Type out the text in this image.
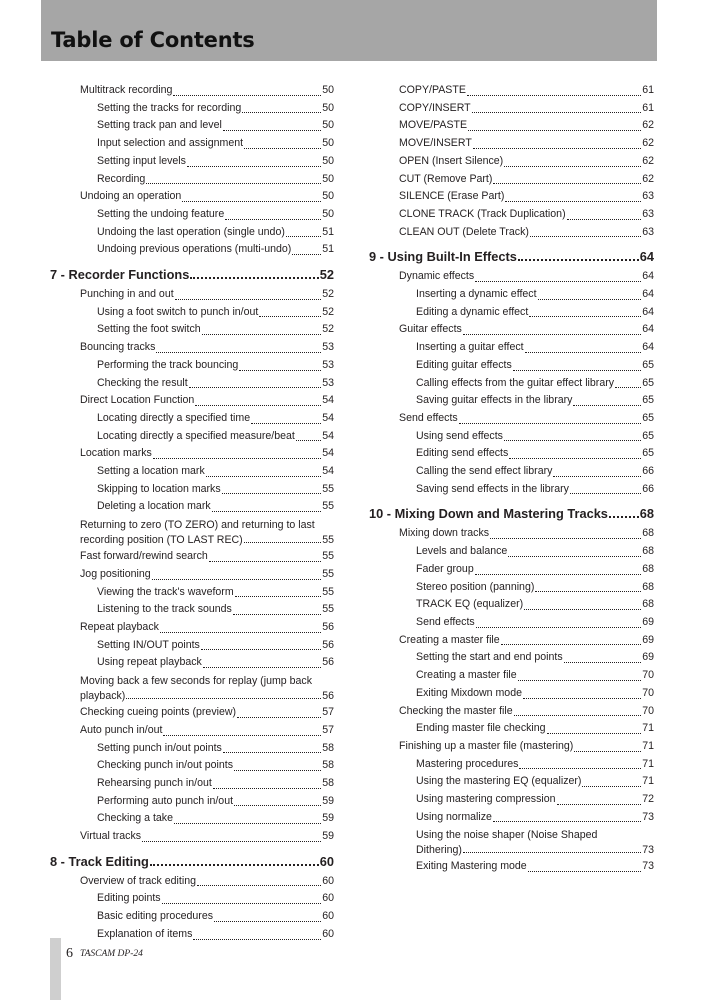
Table of Contents
Multitrack recording	50
Setting the tracks for recording	50
Setting track pan and level	50
Input selection and assignment	50
Setting input levels	50
Recording	50
Undoing an operation	50
Setting the undoing feature	50
Undoing the last operation (single undo)	51
Undoing previous operations (multi-undo)	51
7 - Recorder Functions	52
Punching in and out	52
Using a foot switch to punch in/out	52
Setting the foot switch	52
Bouncing tracks	53
Performing the track bouncing	53
Checking the result	53
Direct Location Function	54
Locating directly a specified time	54
Locating directly a specified measure/beat	54
Location marks	54
Setting a location mark	54
Skipping to location marks	55
Deleting a location mark	55
Returning to zero (TO ZERO) and returning to last
recording position (TO LAST REC)	55
Fast forward/rewind search	55
Jog positioning	55
Viewing the track's waveform	55
Listening to the track sounds	55
Repeat playback	56
Setting IN/OUT points	56
Using repeat playback	56
Moving back a few seconds for replay (jump back
playback)	56
Checking cueing points (preview)	57
Auto punch in/out	57
Setting punch in/out points	58
Checking punch in/out points	58
Rehearsing punch in/out	58
Performing auto punch in/out	59
Checking a take	59
Virtual tracks	59
8 - Track Editing	60
Overview of track editing	60
Editing points	60
Basic editing procedures	60
Explanation of items	60
COPY/PASTE	61
COPY/INSERT	61
MOVE/PASTE	62
MOVE/INSERT	62
OPEN (Insert Silence)	62
CUT (Remove Part)	62
SILENCE (Erase Part)	63
CLONE TRACK (Track Duplication)	63
CLEAN OUT (Delete Track)	63
9 - Using Built-In Effects	64
Dynamic effects	64
Inserting a dynamic effect	64
Editing a dynamic effect	64
Guitar effects	64
Inserting a guitar effect	64
Editing guitar effects	65
Calling effects from the guitar effect library	65
Saving guitar effects in the library	65
Send effects	65
Using send effects	65
Editing send effects	65
Calling the send effect library	66
Saving send effects in the library	66
10 - Mixing Down and Mastering Tracks 68
Mixing down tracks	68
Levels and balance	68
Fader group	68
Stereo position (panning)	68
TRACK EQ (equalizer)	68
Send effects	69
Creating a master file	69
Setting the start and end points	69
Creating a master file	70
Exiting Mixdown mode	70
Checking the master file	70
Ending master file checking	71
Finishing up a master file (mastering)	71
Mastering procedures	71
Using the mastering EQ (equalizer)	71
Using mastering compression	72
Using normalize	73
Using the noise shaper (Noise Shaped
Dithering)	73
Exiting Mastering mode	73
6 TASCAM DP-24
